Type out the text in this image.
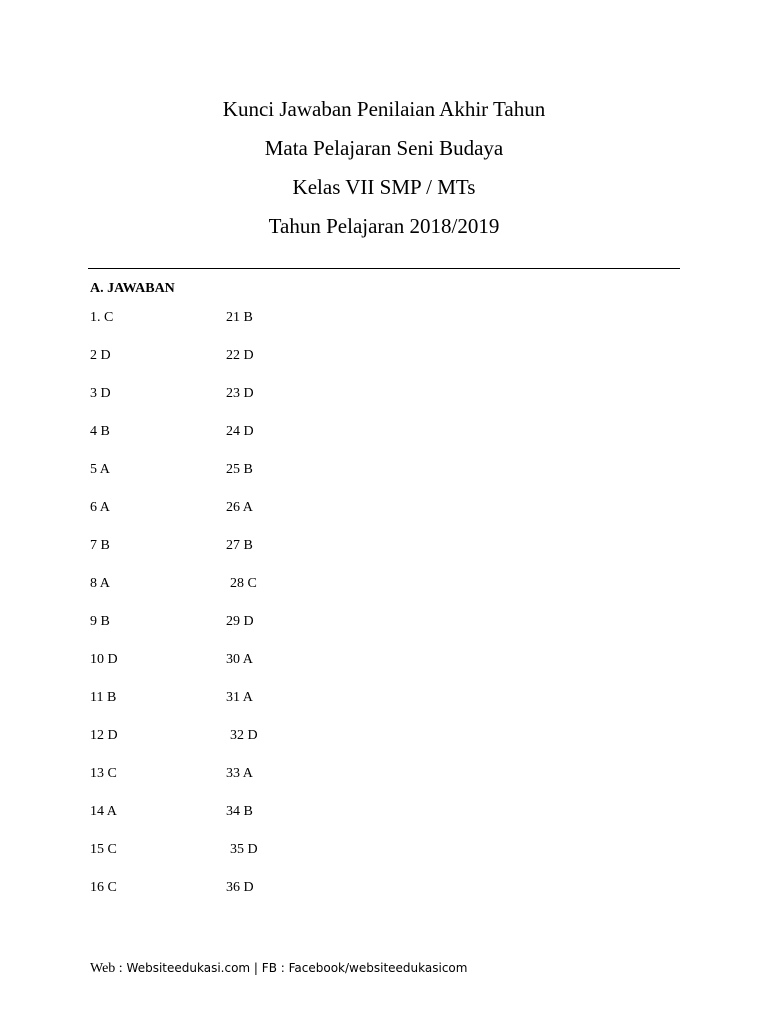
Kunci Jawaban Penilaian Akhir Tahun

Mata Pelajaran Seni Budaya

Kelas VII SMP / MTs

Tahun Pelajaran 2018/2019

A. JAWABAN
1. C	21 B
2 D	22 D
3 D	23 D
4 B	24 D
5 A	25 B
6 A	26 A
7 B	27 B
8 A	28 C
9 B	29 D
10 D	30 A
11 B	31 A
12 D	32 D
13 C	33 A
14 A	34 B
15 C	35 D
16 C	36 D
Web : Websiteedukasi.com | FB : Facebook/websiteedukasicom
